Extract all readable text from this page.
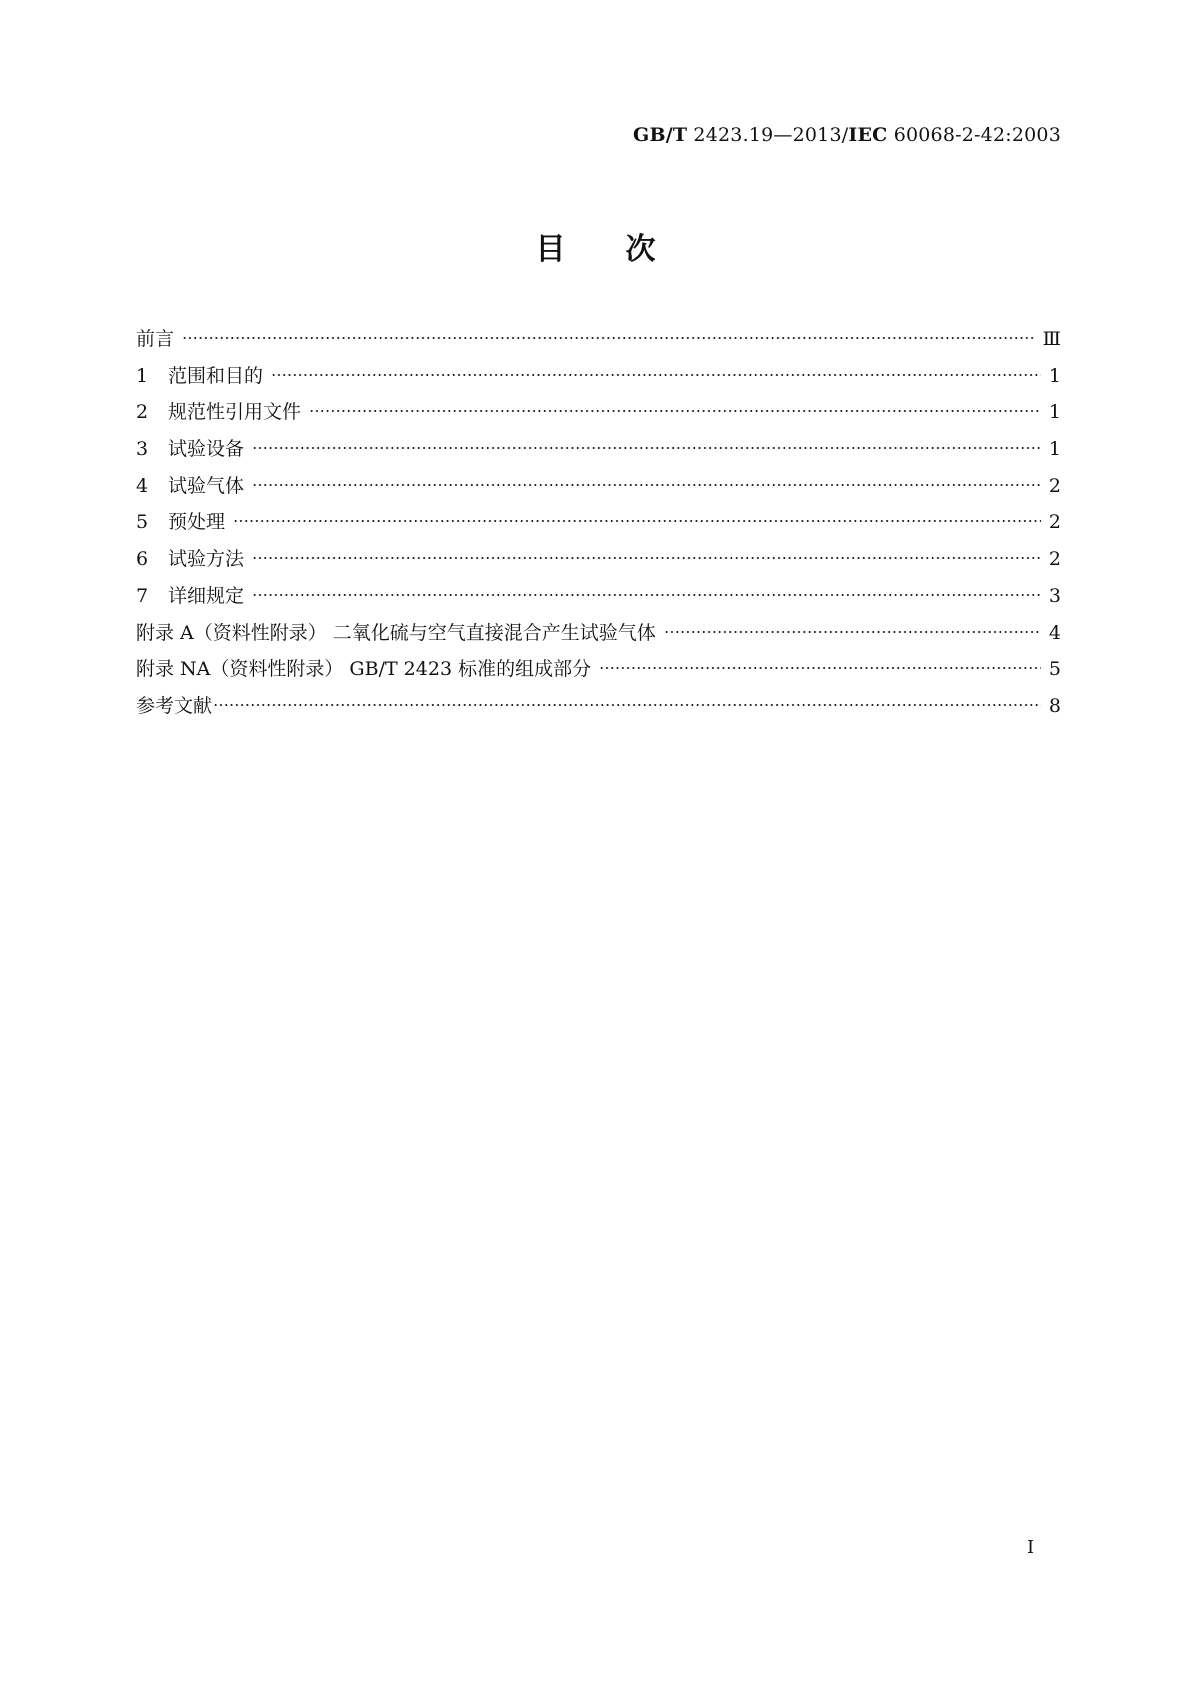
GB/T 2423.19—2013/IEC 60068-2-42:2003
目次
前言	Ⅲ
1	范围和目的	1
2	规范性引用文件	1
3	试验设备	1
4	试验气体	2
5	预处理	2
6	试验方法	2
7	详细规定	3
附录 A（资料性附录） 二氧化硫与空气直接混合产生试验气体	4
附录 NA（资料性附录） GB/T 2423 标准的组成部分	5
参考文献	8
I
